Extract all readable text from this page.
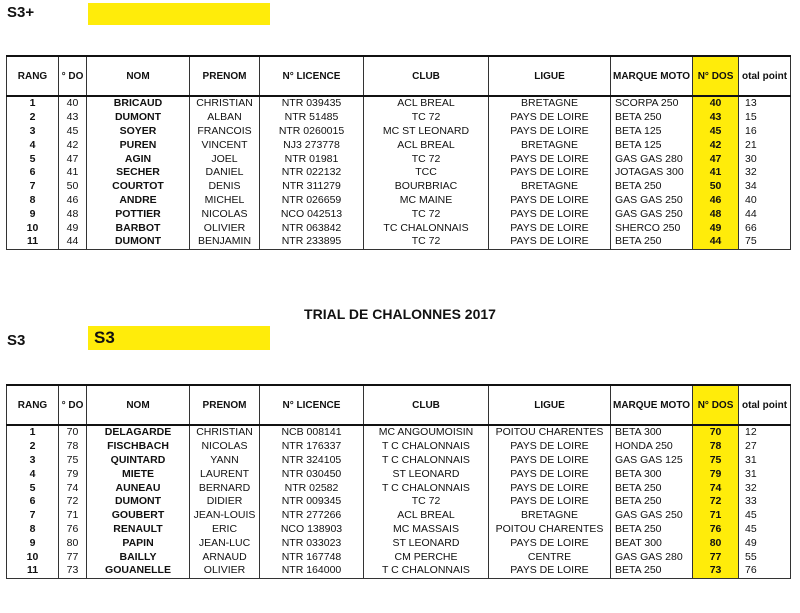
S3+
RANG	° DO	NOM	PRENOM	N° LICENCE	CLUB	LIGUE	MARQUE MOTO	N° DOS	otal point
1	40	BRICAUD	CHRISTIAN	NTR 039435	ACL BREAL	BRETAGNE	SCORPA 250	40	13
2	43	DUMONT	ALBAN	NTR 51485	TC 72	PAYS DE LOIRE	BETA 250	43	15
3	45	SOYER	FRANCOIS	NTR 0260015	MC ST LEONARD	PAYS DE LOIRE	BETA 125	45	16
4	42	PUREN	VINCENT	NJ3 273778	ACL BREAL	BRETAGNE	BETA 125	42	21
5	47	AGIN	JOEL	NTR 01981	TC 72	PAYS DE LOIRE	GAS GAS 280	47	30
6	41	SECHER	DANIEL	NTR 022132	TCC	PAYS DE LOIRE	JOTAGAS 300	41	32
7	50	COURTOT	DENIS	NTR 311279	BOURBRIAC	BRETAGNE	BETA 250	50	34
8	46	ANDRE	MICHEL	NTR 026659	MC MAINE	PAYS DE LOIRE	GAS GAS 250	46	40
9	48	POTTIER	NICOLAS	NCO 042513	TC 72	PAYS DE LOIRE	GAS GAS 250	48	44
10	49	BARBOT	OLIVIER	NTR 063842	TC CHALONNAIS	PAYS DE LOIRE	SHERCO 250	49	66
11	44	DUMONT	BENJAMIN	NTR 233895	TC 72	PAYS DE LOIRE	BETA 250	44	75
TRIAL DE CHALONNES 2017
S3	S3
RANG	° DO	NOM	PRENOM	N° LICENCE	CLUB	LIGUE	MARQUE MOTO	N° DOS	otal point
1	70	DELAGARDE	CHRISTIAN	NCB 008141	MC ANGOUMOISIN	POITOU CHARENTES	BETA 300	70	12
2	78	FISCHBACH	NICOLAS	NTR 176337	T C CHALONNAIS	PAYS DE LOIRE	HONDA 250	78	27
3	75	QUINTARD	YANN	NTR 324105	T C CHALONNAIS	PAYS DE LOIRE	GAS GAS 125	75	31
4	79	MIETE	LAURENT	NTR 030450	ST LEONARD	PAYS DE LOIRE	BETA 300	79	31
5	74	AUNEAU	BERNARD	NTR 02582	T C CHALONNAIS	PAYS DE LOIRE	BETA 250	74	32
6	72	DUMONT	DIDIER	NTR 009345	TC 72	PAYS DE LOIRE	BETA 250	72	33
7	71	GOUBERT	JEAN-LOUIS	NTR 277266	ACL BREAL	BRETAGNE	GAS GAS 250	71	45
8	76	RENAULT	ERIC	NCO 138903	MC MASSAIS	POITOU CHARENTES	BETA 250	76	45
9	80	PAPIN	JEAN-LUC	NTR 033023	ST LEONARD	PAYS DE LOIRE	BEAT 300	80	49
10	77	BAILLY	ARNAUD	NTR 167748	CM PERCHE	CENTRE	GAS GAS 280	77	55
11	73	GOUANELLE	OLIVIER	NTR 164000	T C CHALONNAIS	PAYS DE LOIRE	BETA 250	73	76
